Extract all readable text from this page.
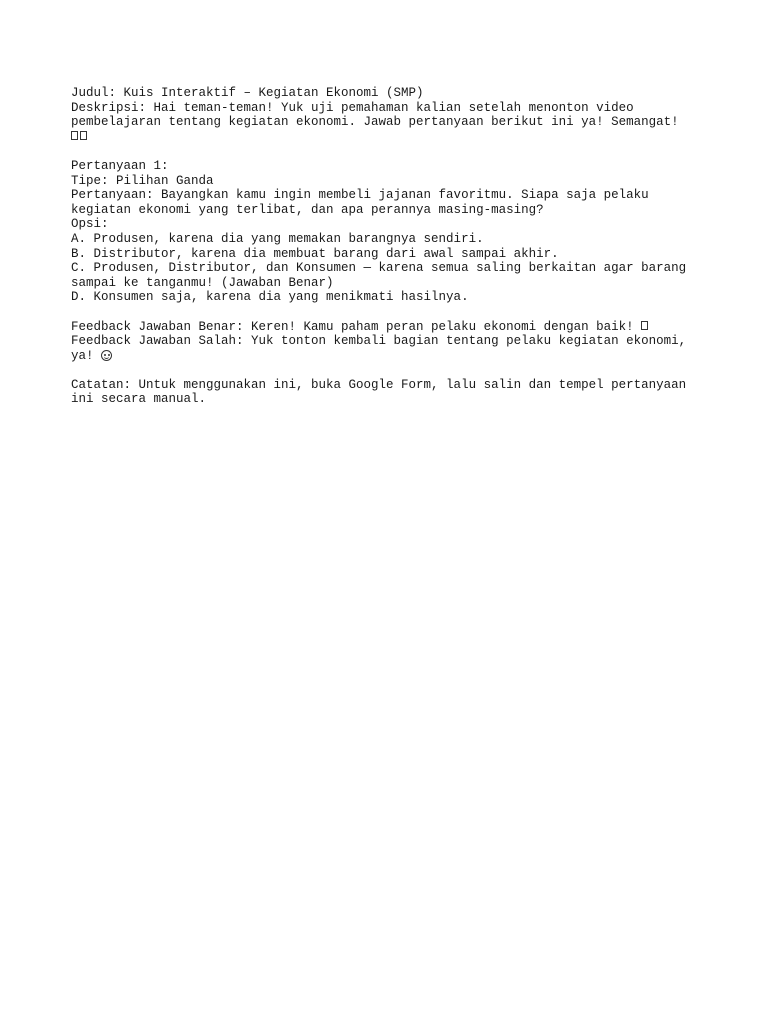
Judul: Kuis Interaktif – Kegiatan Ekonomi (SMP)
Deskripsi: Hai teman-teman! Yuk uji pemahaman kalian setelah menonton video
pembelajaran tentang kegiatan ekonomi. Jawab pertanyaan berikut ini ya! Semangat!
Pertanyaan 1:
Tipe: Pilihan Ganda
Pertanyaan: Bayangkan kamu ingin membeli jajanan favoritmu. Siapa saja pelaku
kegiatan ekonomi yang terlibat, dan apa perannya masing-masing?
Opsi:
A. Produsen, karena dia yang memakan barangnya sendiri.
B. Distributor, karena dia membuat barang dari awal sampai akhir.
C. Produsen, Distributor, dan Konsumen — karena semua saling berkaitan agar barang
sampai ke tanganmu! (Jawaban Benar)
D. Konsumen saja, karena dia yang menikmati hasilnya.
Feedback Jawaban Benar: Keren! Kamu paham peran pelaku ekonomi dengan baik!
Feedback Jawaban Salah: Yuk tonton kembali bagian tentang pelaku kegiatan ekonomi,
ya!
Catatan: Untuk menggunakan ini, buka Google Form, lalu salin dan tempel pertanyaan
ini secara manual.
